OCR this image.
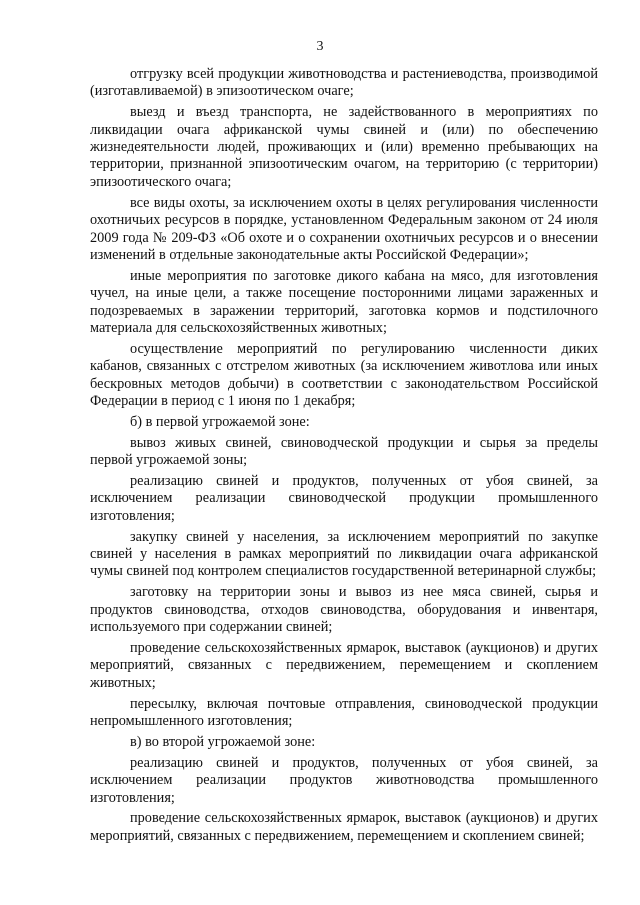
3

отгрузку всей продукции животноводства и растениеводства, производимой (изготавливаемой) в эпизоотическом очаге;

выезд и въезд транспорта, не задействованного в мероприятиях по ликвидации очага африканской чумы свиней и (или) по обеспечению жизнедеятельности людей, проживающих и (или) временно пребывающих на территории, признанной эпизоотическим очагом, на территорию (с территории) эпизоотического очага;

все виды охоты, за исключением охоты в целях регулирования численности охотничьих ресурсов в порядке, установленном Федеральным законом от 24 июля 2009 года № 209-ФЗ «Об охоте и о сохранении охотничьих ресурсов и о внесении изменений в отдельные законодательные акты Российской Федерации»;

иные мероприятия по заготовке дикого кабана на мясо, для изготовления чучел, на иные цели, а также посещение посторонними лицами зараженных и подозреваемых в заражении территорий, заготовка кормов и подстилочного материала для сельскохозяйственных животных;

осуществление мероприятий по регулированию численности диких кабанов, связанных с отстрелом животных (за исключением животлова или иных бескровных методов добычи) в соответствии с законодательством Российской Федерации в период с 1 июня по 1 декабря;

б) в первой угрожаемой зоне:

вывоз живых свиней, свиноводческой продукции и сырья за пределы первой угрожаемой зоны;

реализацию свиней и продуктов, полученных от убоя свиней, за исключением реализации свиноводческой продукции промышленного изготовления;

закупку свиней у населения, за исключением мероприятий по закупке свиней у населения в рамках мероприятий по ликвидации очага африканской чумы свиней под контролем специалистов государственной ветеринарной службы;

заготовку на территории зоны и вывоз из нее мяса свиней, сырья и продуктов свиноводства, отходов свиноводства, оборудования и инвентаря, используемого при содержании свиней;

проведение сельскохозяйственных ярмарок, выставок (аукционов) и других мероприятий, связанных с передвижением, перемещением и скоплением животных;

пересылку, включая почтовые отправления, свиноводческой продукции непромышленного изготовления;

в) во второй угрожаемой зоне:

реализацию свиней и продуктов, полученных от убоя свиней, за исключением реализации продуктов животноводства промышленного изготовления;

проведение сельскохозяйственных ярмарок, выставок (аукционов) и других мероприятий, связанных с передвижением, перемещением и скоплением свиней;
